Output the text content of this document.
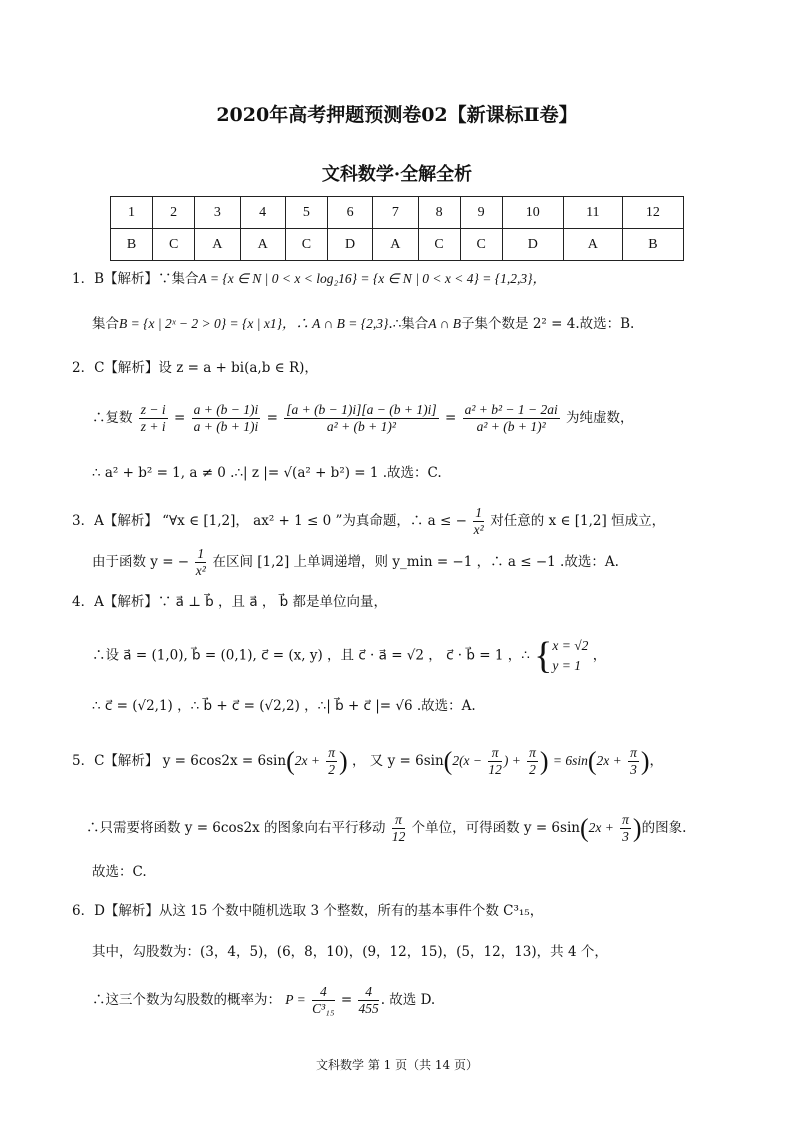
2020年高考押题预测卷02【新课标Ⅱ卷】
文科数学·全解全析
1	2	3	4	5	6	7	8	9	10	11	12
B	C	A	A	C	D	A	C	C	D	A	B
1．B【解析】∵集合A = {x ∈ N | 0 < x < log₂16} = {x ∈ N | 0 < x < 4} = {1,2,3}，
集合B = {x | 2ˣ − 2 > 0} = {x | x1}，∴ A ∩ B = {2,3}.∴集合A ∩ B子集个数是 2² = 4.故选：B.
2．C【解析】设 z = a + bi(a,b ∈ R)，
∴复数 $\frac{z - i}{z + i} = \frac{a + (b - 1)i}{a + (b + 1)i} = \frac{[a + (b - 1)i][a - (b + 1)i]}{\text{a² + (b + 1)²}} = \frac{\text{a² + b² − 1 − 2ai}}{\text{a² + (b + 1)²}}$ 为纯虚数，
∴ a² + b² = 1, a ≠ 0 .∴| z |= √(a² + b²) = 1 .故选：C.
3．A【解析】 “∀x ∈ [1,2]， ax² + 1 ≤ 0 ”为真命题，∴ a ≤ − $\frac{1}{\text{x²}}$ 对任意的 x ∈ [1,2] 恒成立，
由于函数 y = − $\frac{1}{\text{x²}}$ 在区间 [1,2] 上单调递增，则 y_min = −1 ，∴ a ≤ −1 .故选：A.
4．A【解析】∵ a⃗ ⊥ b⃗ ，且 a⃗ ， b⃗ 都是单位向量，
∴设 a⃗ = (1,0), b⃗ = (0,1), c⃗ = (x, y) ，且 c⃗ · a⃗ = √2 ， c⃗ · b⃗ = 1 ，∴ { x = √2
y = 1
，
∴ c⃗ = (√2,1) ，∴ b⃗ + c⃗ = (√2,2) ，∴| b⃗ + c⃗ |= √6 .故选：A.
5．C【解析】 $y = 6\cos 2x = 6\sin(2x + \frac{\pi}{2}$ ) ， 又 $y = 6\sin(2(x - \frac{\pi}{12}$ ) + $\frac{\pi}{2}$ ) = $6\sin(2x + \frac{\pi}{3}$ )，
∴只需要将函数 y = 6cos2x 的图象向右平行移动 $\frac{\pi}{12}$ 个单位，可得函数 $y = 6\sin(2x + \frac{\pi}{3}$ )的图象.
故选：C.
6．D【解析】从这 15 个数中随机选取 3 个整数，所有的基本事件个数 C³₁₅，
其中，勾股数为：(3，4，5)，(6，8，10)，(9，12，15)，(5，12，13)，共 4 个，
∴这三个数为勾股数的概率为： $P = \frac{4}{\text{C³₁₅}} = \frac{4}{455}$ . 故选 D.
文科数学 第 1 页（共 14 页）
